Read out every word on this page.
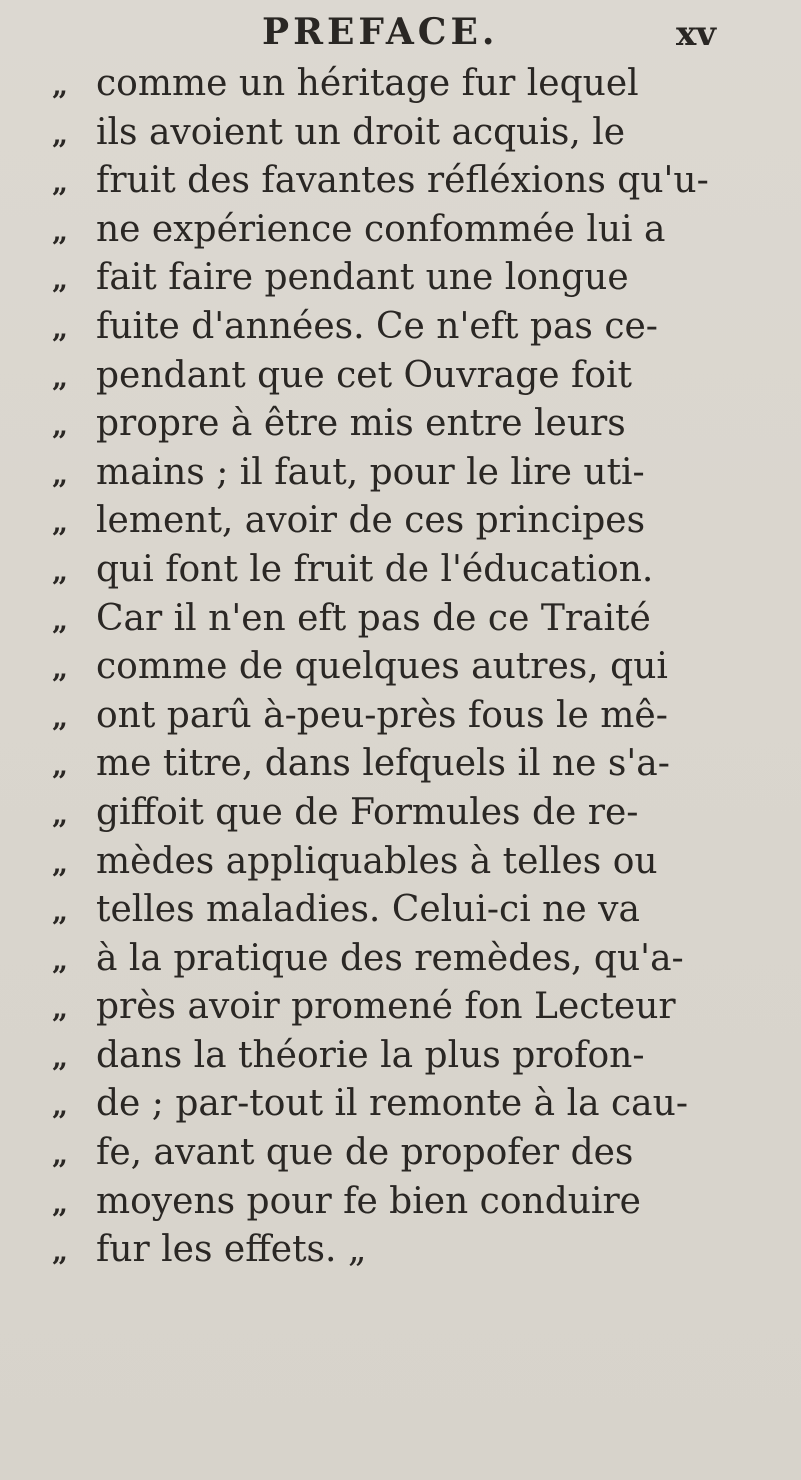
PREFACE.	xv
„ comme un héritage fur lequel
„ ils avoient un droit acquis, le
„ fruit des favantes réfléxions qu'u-
„ ne expérience confommée lui a
„ fait faire pendant une longue
„ fuite d'années. Ce n'eft pas ce-
„ pendant que cet Ouvrage foit
„ propre à être mis entre leurs
„ mains ; il faut, pour le lire uti-
„ lement, avoir de ces principes
„ qui font le fruit de l'éducation.
„ Car il n'en eft pas de ce Traité
„ comme de quelques autres, qui
„ ont parû à-peu-près fous le mê-
„ me titre, dans lefquels il ne s'a-
„ giffoit que de Formules de re-
„ mèdes appliquables à telles ou
„ telles maladies. Celui-ci ne va
„ à la pratique des remèdes, qu'a-
„ près avoir promené fon Lecteur
„ dans la théorie la plus profon-
„ de ; par-tout il remonte à la cau-
„ fe, avant que de propofer des
„ moyens pour fe bien conduire
„ fur les effets. „
